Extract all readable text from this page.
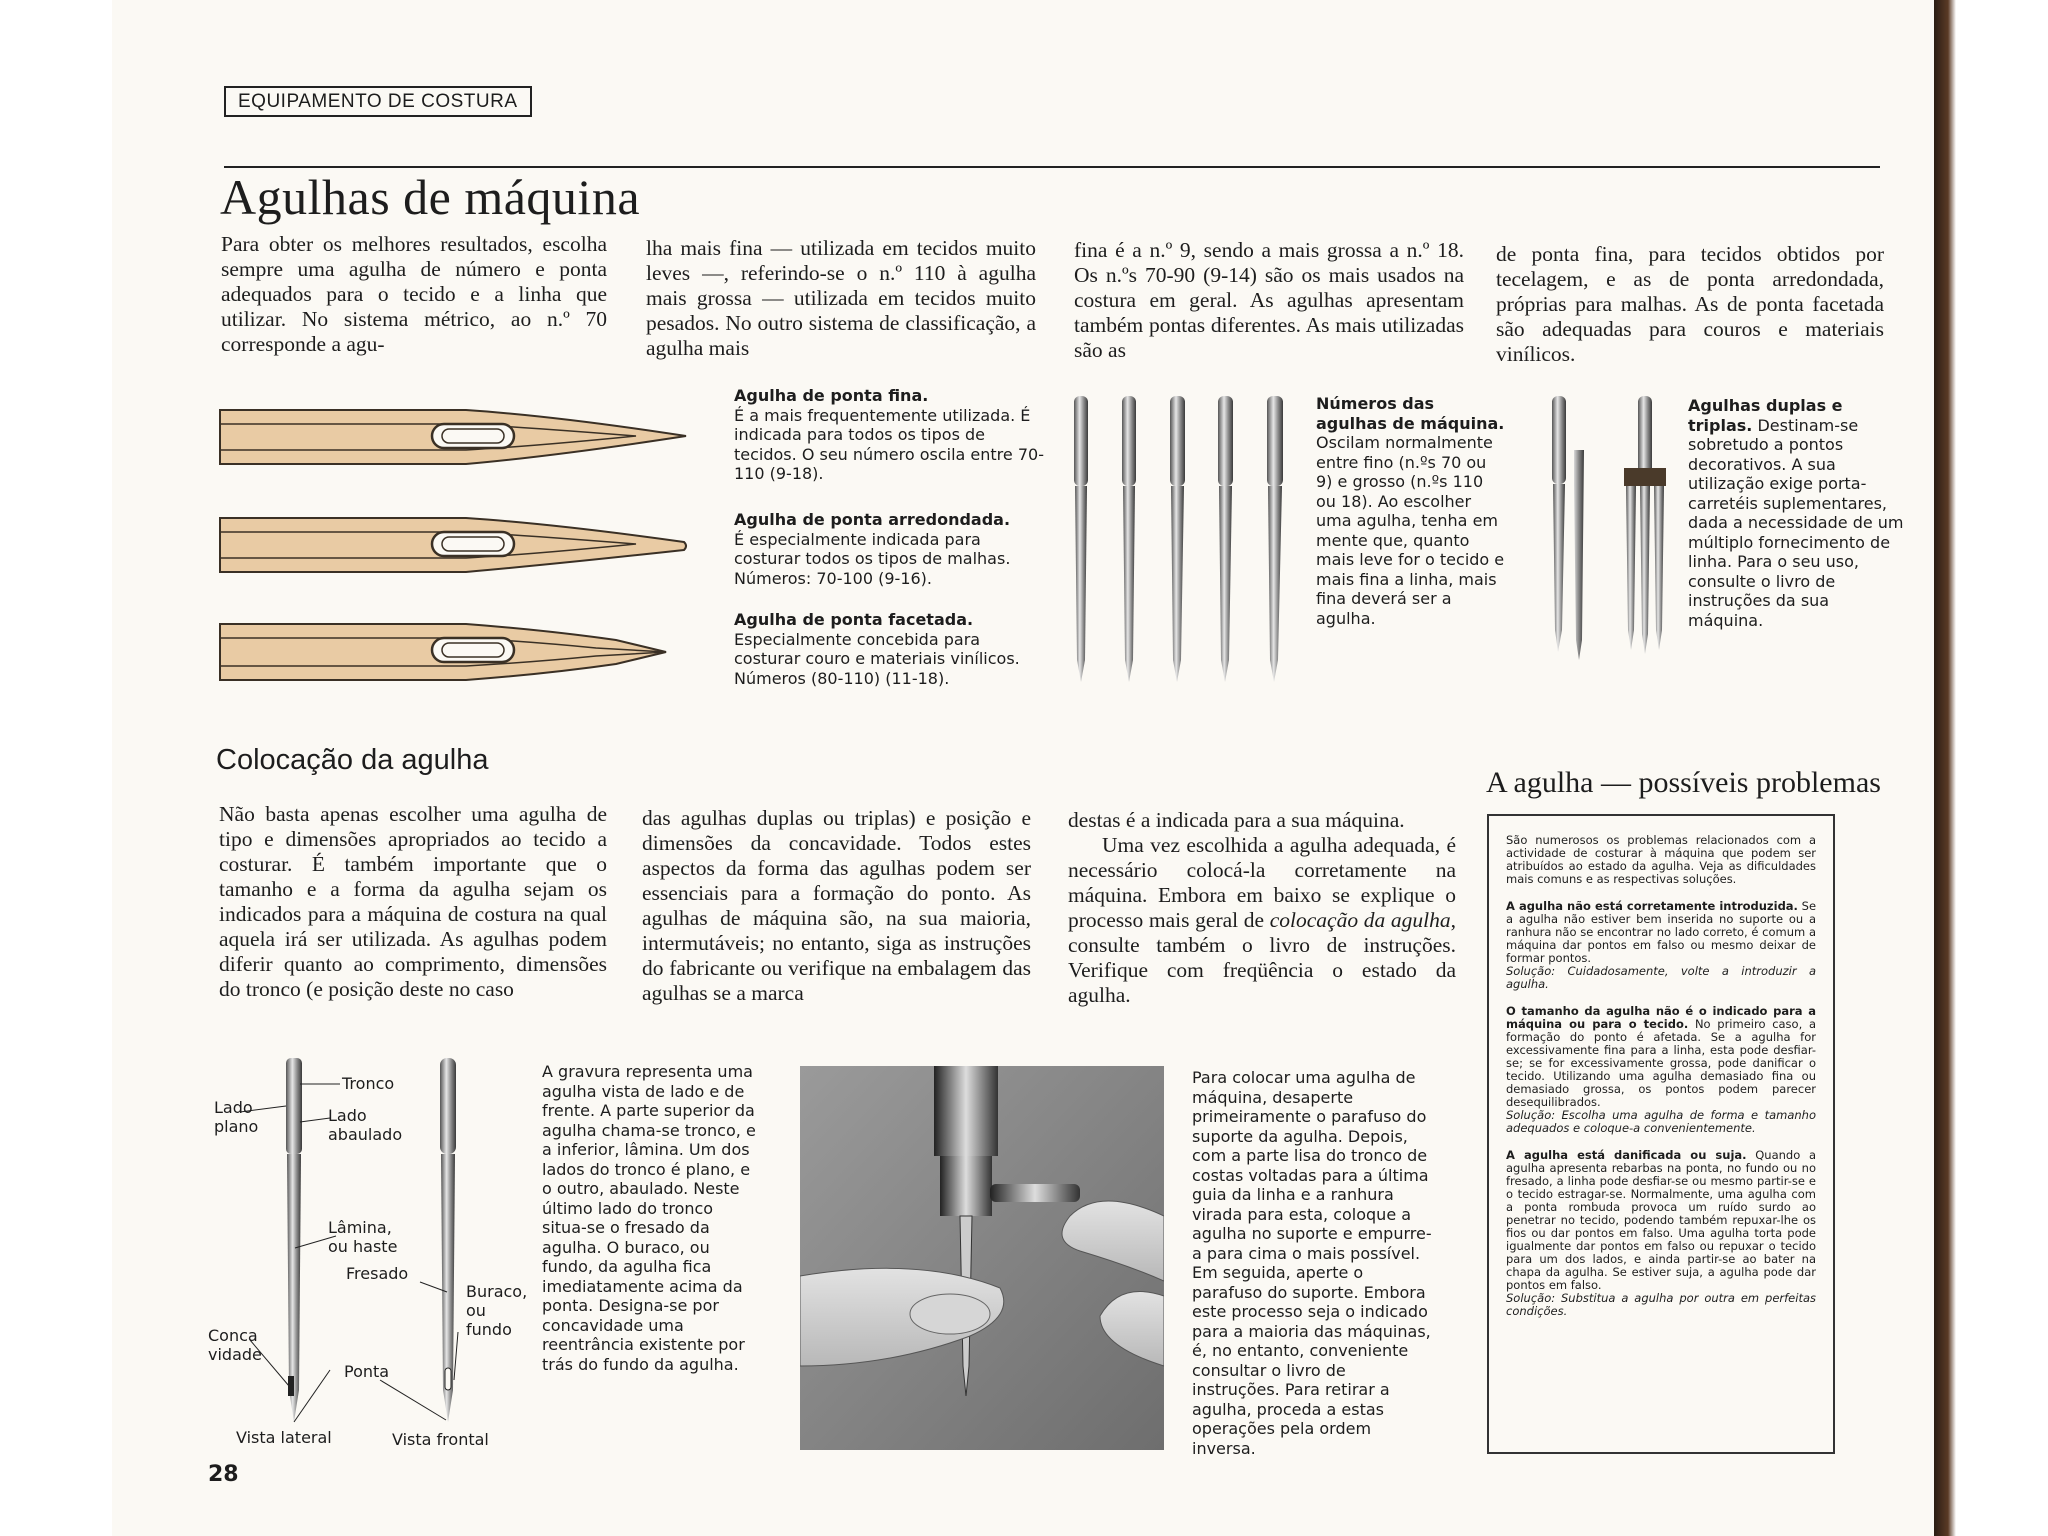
EQUIPAMENTO DE COSTURA
Agulhas de máquina
Para obter os melhores resultados, escolha sempre uma agulha de número e ponta adequados para o tecido e a linha que utilizar. No sistema métrico, ao n.º 70 corresponde a agu-
lha mais fina — utilizada em tecidos muito leves —, referindo-se o n.º 110 à agulha mais grossa — utilizada em tecidos muito pesados. No outro sistema de classificação, a agulha mais
fina é a n.º 9, sendo a mais grossa a n.º 18. Os n.ºs 70-90 (9-14) são os mais usados na costura em geral. As agulhas apresentam também pontas diferentes. As mais utilizadas são as
de ponta fina, para tecidos obtidos por tecelagem, e as de ponta arredondada, próprias para malhas. As de ponta facetada são adequadas para couros e materiais vinílicos.
Agulha de ponta fina.
É a mais frequentemente utilizada. É indicada para todos os tipos de tecidos. O seu número oscila entre 70-110 (9-18).
Agulha de ponta arredondada.
É especialmente indicada para costurar todos os tipos de malhas. Números: 70-100 (9-16).
Agulha de ponta facetada.
Especialmente concebida para costurar couro e materiais vinílicos. Números (80-110) (11-18).
Números das agulhas de máquina.
Oscilam normalmente entre fino (n.ºs 70 ou 9) e grosso (n.ºs 110 ou 18). Ao escolher uma agulha, tenha em mente que, quanto mais leve for o tecido e mais fina a linha, mais fina deverá ser a agulha.
Agulhas duplas e triplas. Destinam-se sobretudo a pontos decorativos. A sua utilização exige porta-carretéis suplementares, dada a necessidade de um múltiplo fornecimento de linha. Para o seu uso, consulte o livro de instruções da sua máquina.
Colocação da agulha
Não basta apenas escolher uma agulha de tipo e dimensões apropriados ao tecido a costurar. É também importante que o tamanho e a forma da agulha sejam os indicados para a máquina de costura na qual aquela irá ser utilizada. As agulhas podem diferir quanto ao comprimento, dimensões do tronco (e posição deste no caso
das agulhas duplas ou triplas) e posição e dimensões da concavidade. Todos estes aspectos da forma das agulhas podem ser essenciais para a formação do ponto. As agulhas de máquina são, na sua maioria, intermutáveis; no entanto, siga as instruções do fabricante ou verifique na embalagem das agulhas se a marca

destas é a indicada para a sua máquina.

Uma vez escolhida a agulha adequada, é necessário colocá-la corretamente na máquina. Embora em baixo se explique o processo mais geral de colocação da agulha, consulte também o livro de instruções. Verifique com freqüência o estado da agulha.

A agulha — possíveis problemas

São numerosos os problemas relacionados com a actividade de costurar à máquina que podem ser atribuídos ao estado da agulha. Veja as dificuldades mais comuns e as respectivas soluções.

A agulha não está corretamente introduzida. Se a agulha não estiver bem inserida no suporte ou a ranhura não se encontrar no lado correto, é comum a máquina dar pontos em falso ou mesmo deixar de formar pontos.
Solução: Cuidadosamente, volte a introduzir a agulha.

O tamanho da agulha não é o indicado para a máquina ou para o tecido. No primeiro caso, a formação do ponto é afetada. Se a agulha for excessivamente fina para a linha, esta pode desfiar-se; se for excessivamente grossa, pode danificar o tecido. Utilizando uma agulha demasiado fina ou demasiado grossa, os pontos podem parecer desequilibrados.
Solução: Escolha uma agulha de forma e tamanho adequados e coloque-a convenientemente.

A agulha está danificada ou suja. Quando a agulha apresenta rebarbas na ponta, no fundo ou no fresado, a linha pode desfiar-se ou mesmo partir-se e o tecido estragar-se. Normalmente, uma agulha com a ponta rombuda provoca um ruído surdo ao penetrar no tecido, podendo também repuxar-lhe os fios ou dar pontos em falso. Uma agulha torta pode igualmente dar pontos em falso ou repuxar o tecido para um dos lados, e ainda partir-se ao bater na chapa da agulha. Se estiver suja, a agulha pode dar pontos em falso.
Solução: Substitua a agulha por outra em perfeitas condições.

Tronco
Lado plano
Lado abaulado
Lâmina, ou haste
Fresado
Buraco, ou fundo
Concavidade
Ponta
Vista lateral	Vista frontal
A gravura representa uma agulha vista de lado e de frente. A parte superior da agulha chama-se tronco, e a inferior, lâmina. Um dos lados do tronco é plano, e o outro, abaulado. Neste último lado do tronco situa-se o fresado da agulha. O buraco, ou fundo, da agulha fica imediatamente acima da ponta. Designa-se por concavidade uma reentrância existente por trás do fundo da agulha.
Para colocar uma agulha de máquina, desaperte primeiramente o parafuso do suporte da agulha. Depois, com a parte lisa do tronco de costas voltadas para a última guia da linha e a ranhura virada para esta, coloque a agulha no suporte e empurre-a para cima o mais possível. Em seguida, aperte o parafuso do suporte. Embora este processo seja o indicado para a maioria das máquinas, é, no entanto, conveniente consultar o livro de instruções. Para retirar a agulha, proceda a estas operações pela ordem inversa.
28
